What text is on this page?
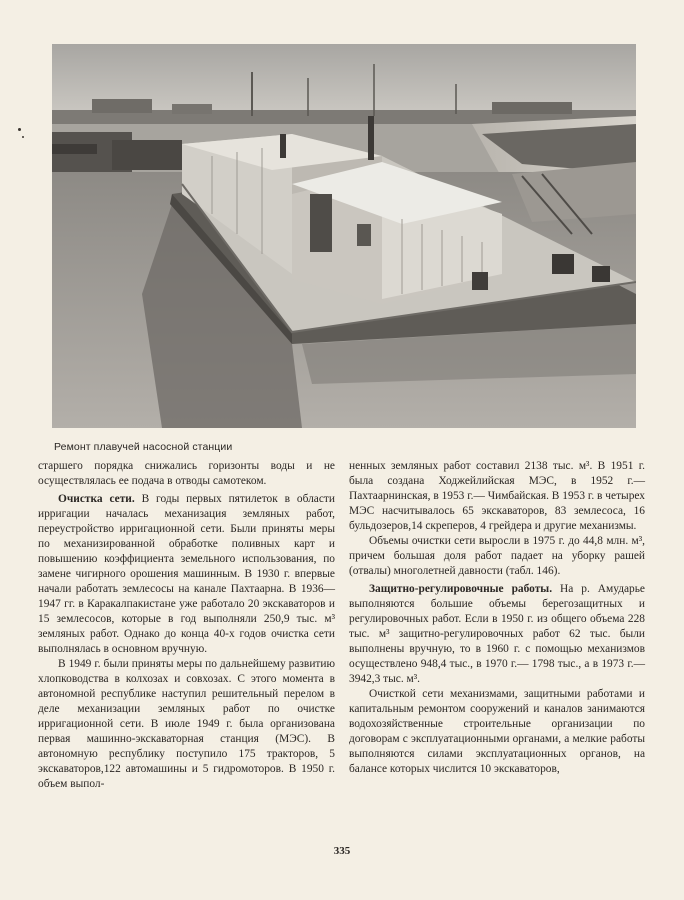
Ремонт плавучей насосной станции

старшего порядка снижались горизонты воды и не осуществлялась ее подача в отводы самотеком.

Очистка сети. В годы первых пятилеток в области ирригации началась механизация земляных работ, переустройство ирригационной сети. Были приняты меры по механизированной обработке поливных карт и повышению коэффициента земельного использования, по замене чигирного орошения машинным. В 1930 г. впервые начали работать землесосы на канале Пахтаарна. В 1936—1947 гг. в Каракалпакистане уже работало 20 экскаваторов и 15 землесосов, которые в год выполняли 250,9 тыс. м³ земляных работ. Однако до конца 40-х годов очистка сети выполнялась в основном вручную.

В 1949 г. были приняты меры по дальнейшему развитию хлопководства в колхозах и совхозах. С этого момента в автономной республике наступил решительный перелом в деле механизации земляных работ по очистке ирригационной сети. В июле 1949 г. была организована первая машинно-экскаваторная станция (МЭС). В автономную республику поступило 175 тракторов, 5 экскаваторов,122 автомашины и 5 гидромоторов. В 1950 г. объем выпол-

ненных земляных работ составил 2138 тыс. м³. В 1951 г. была создана Ходжейлийская МЭС, в 1952 г.— Пахтаарнинская, в 1953 г.— Чимбайская. В 1953 г. в четырех МЭС насчитывалось 65 экскаваторов, 83 землесоса, 16 бульдозеров,14 скреперов, 4 грейдера и другие механизмы.

Объемы очистки сети выросли в 1975 г. до 44,8 млн. м³, причем большая доля работ падает на уборку рашей (отвалы) многолетней давности (табл. 146).

Защитно-регулировочные работы. На р. Амударье выполняются большие объемы берегозащитных и регулировочных работ. Если в 1950 г. из общего объема 228 тыс. м³ защитно-регулировочных работ 62 тыс. были выполнены вручную, то в 1960 г. с помощью механизмов осуществлено 948,4 тыс., в 1970 г.— 1798 тыс., а в 1973 г.— 3942,3 тыс. м³.

Очисткой сети механизмами, защитными работами и капитальным ремонтом сооружений и каналов занимаются водохозяйственные строительные организации по договорам с эксплуатационными органами, а мелкие работы выполняются силами эксплуатационных органов, на балансе которых числится 10 экскаваторов,

335
